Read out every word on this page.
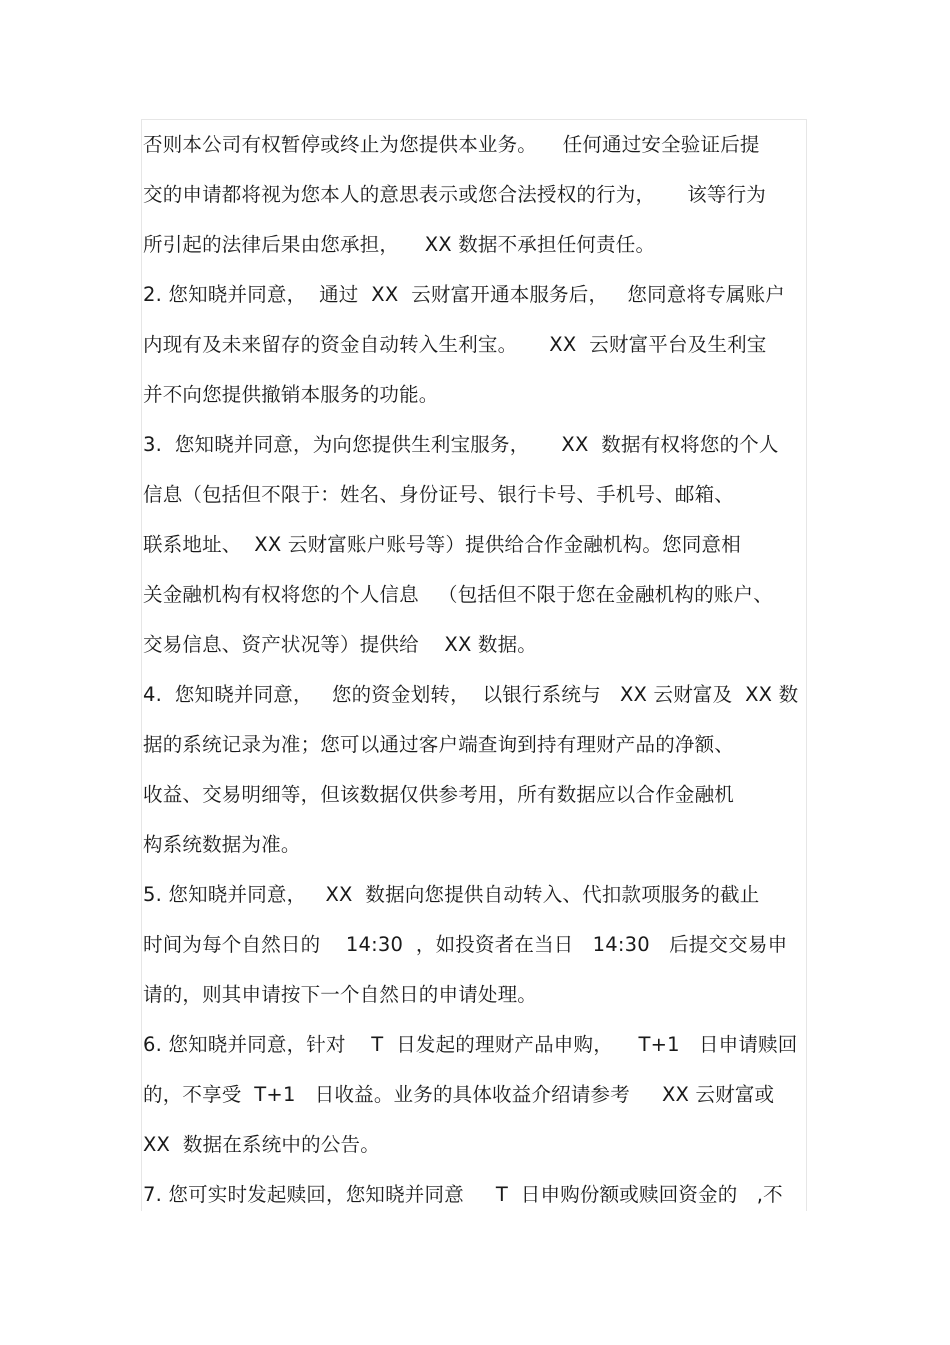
否则本公司有权暂停或终止为您提供本业务。    任何通过安全验证后提
交的申请都将视为您本人的意思表示或您合法授权的行为，     该等行为
所引起的法律后果由您承担，    XX 数据不承担任何责任。
2. 您知晓并同意，  通过  XX  云财富开通本服务后，   您同意将专属账户
内现有及未来留存的资金自动转入生利宝。     XX  云财富平台及生利宝
并不向您提供撤销本服务的功能。
3.  您知晓并同意，为向您提供生利宝服务，     XX  数据有权将您的个人
信息（包括但不限于：姓名、身份证号、银行卡号、手机号、邮箱、
联系地址、  XX 云财富账户账号等）提供给合作金融机构。您同意相
关金融机构有权将您的个人信息   （包括但不限于您在金融机构的账户、
交易信息、资产状况等）提供给    XX 数据。
4.  您知晓并同意，   您的资金划转，  以银行系统与   XX 云财富及  XX 数
据的系统记录为准；您可以通过客户端查询到持有理财产品的净额、
收益、交易明细等，但该数据仅供参考用，所有数据应以合作金融机
构系统数据为准。
5. 您知晓并同意，   XX  数据向您提供自动转入、代扣款项服务的截止
时间为每个自然日的    14:30  ，如投资者在当日   14:30   后提交交易申
请的，则其申请按下一个自然日的申请处理。
6. 您知晓并同意，针对    T  日发起的理财产品申购，    T+1   日申请赎回
的，不享受  T+1   日收益。业务的具体收益介绍请参考     XX 云财富或
XX  数据在系统中的公告。
7. 您可实时发起赎回，您知晓并同意     T  日申购份额或赎回资金的   ,不
